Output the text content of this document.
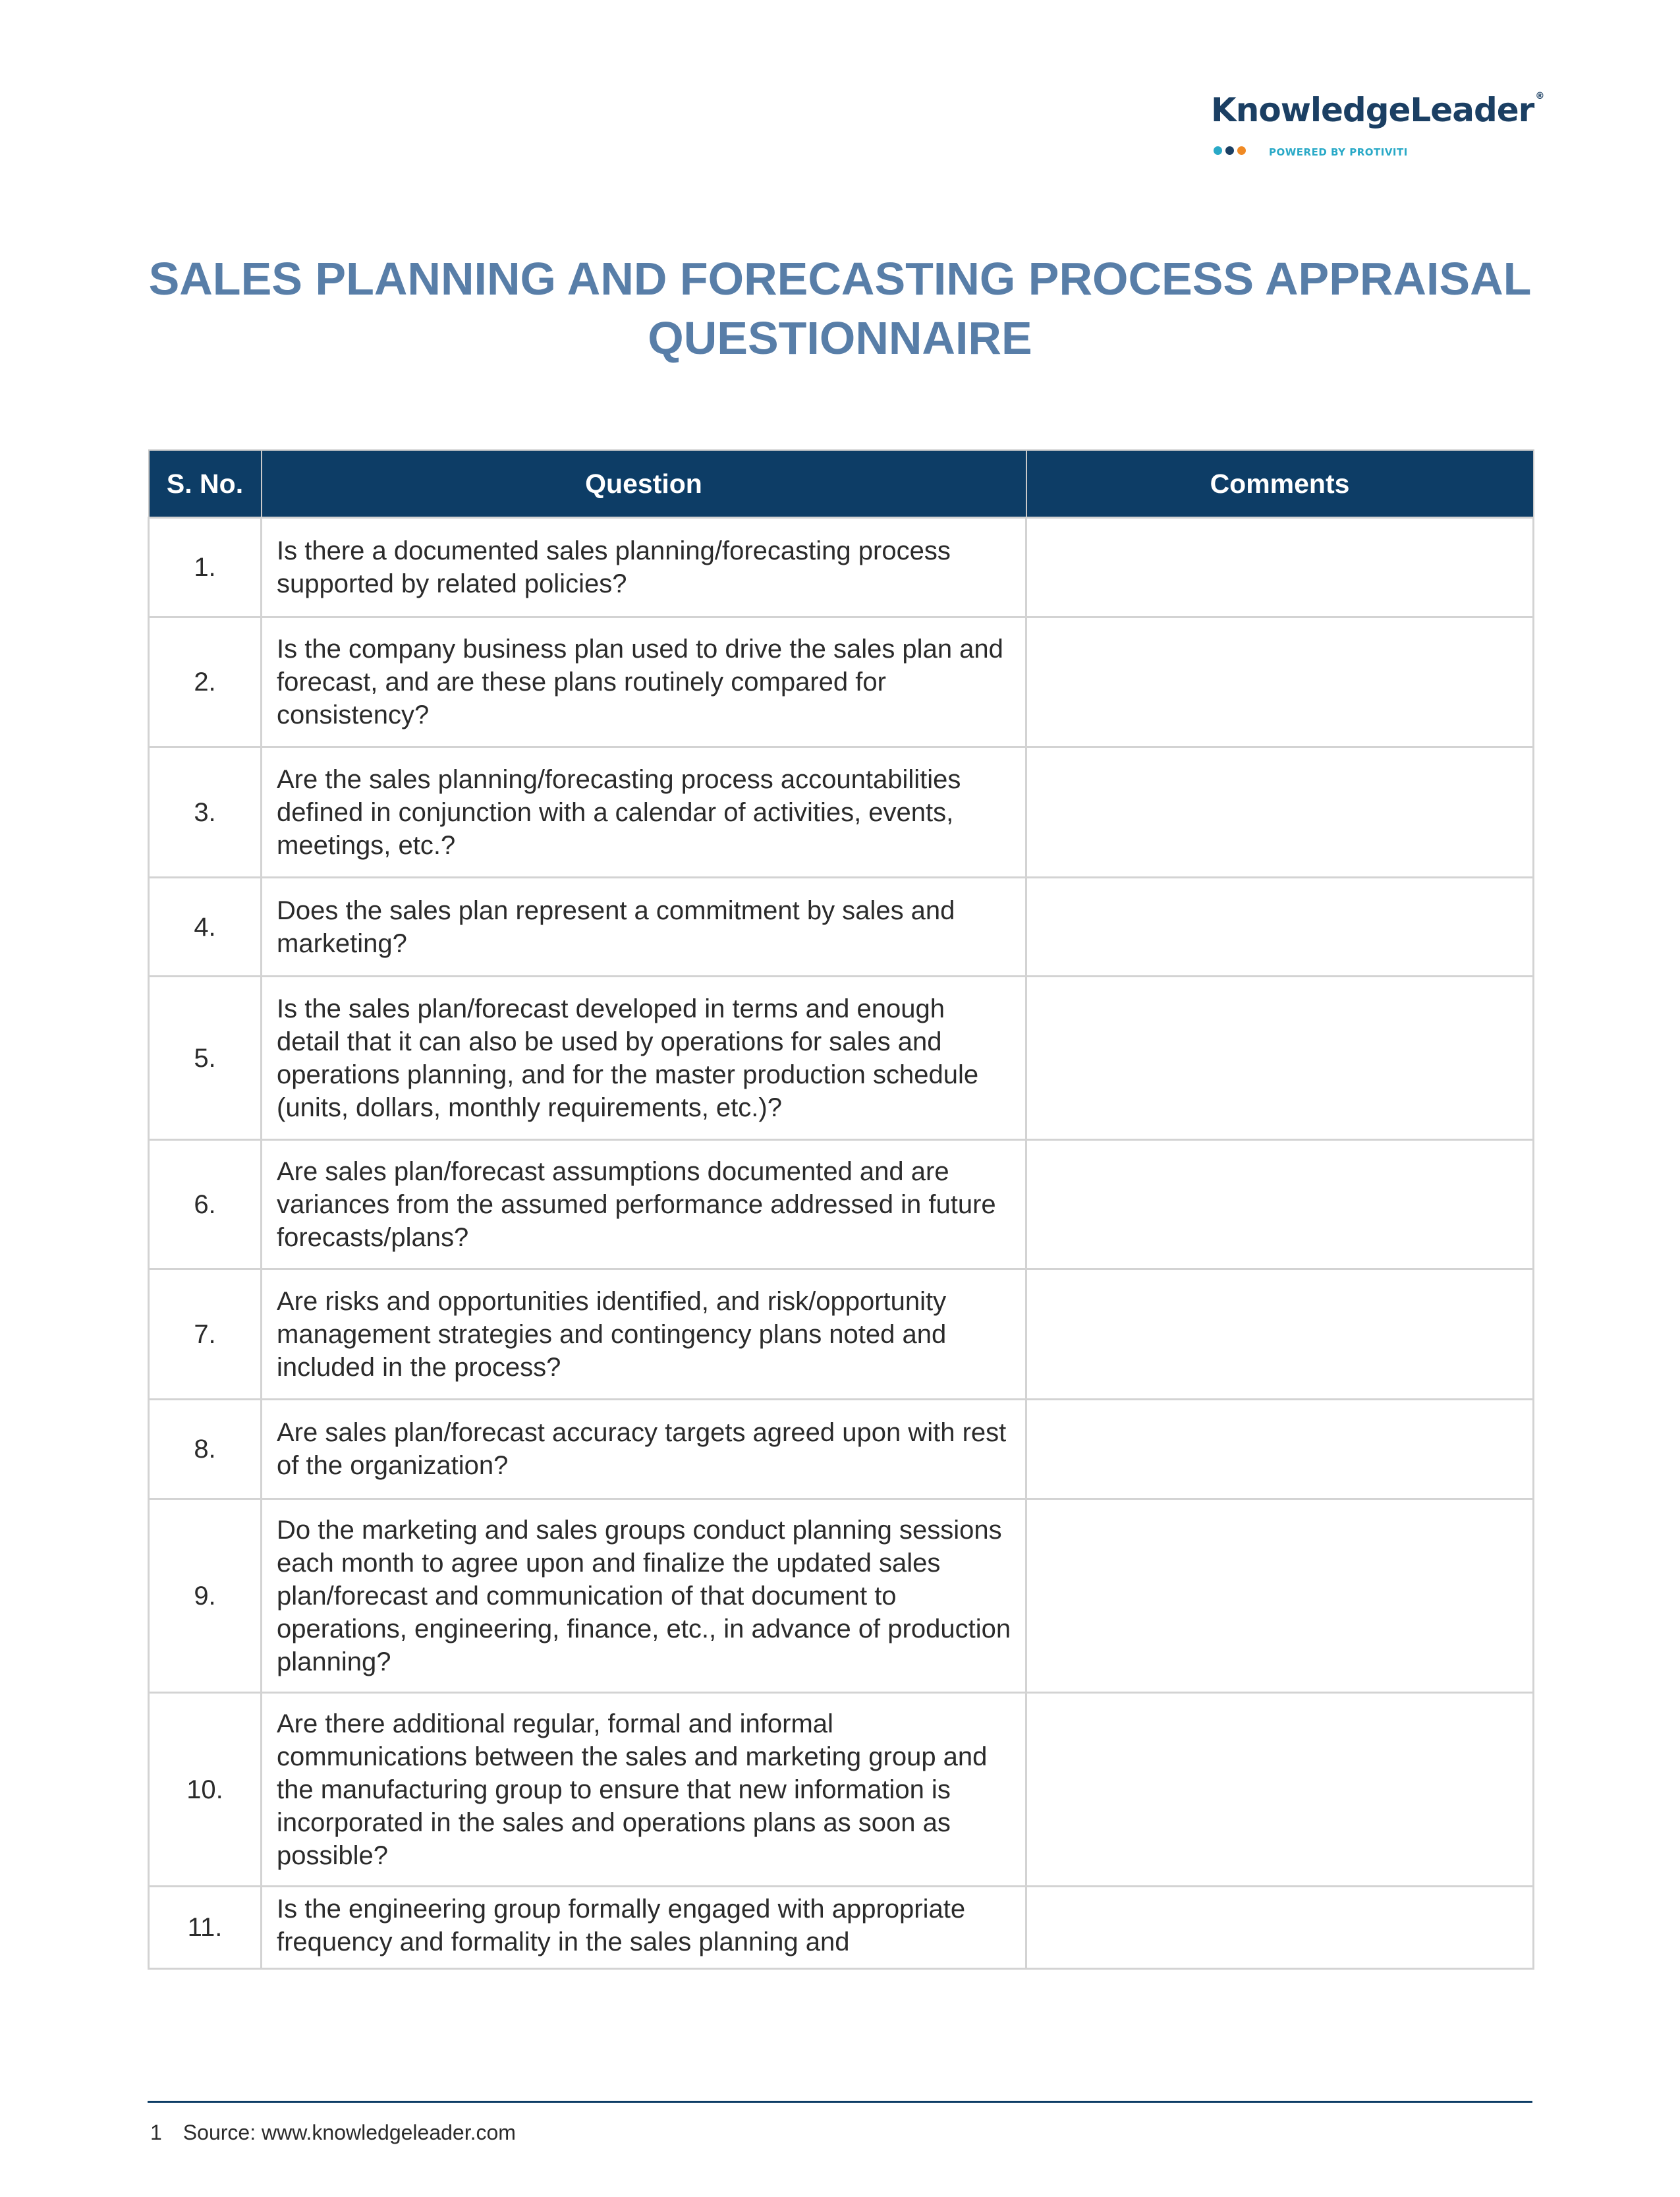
KnowledgeLeader ®
POWERED BY PROTIVITI
SALES PLANNING AND FORECASTING PROCESS APPRAISAL QUESTIONNAIRE
S. No.	Question	Comments
1.	Is there a documented sales planning/forecasting process supported by related policies?	
2.	Is the company business plan used to drive the sales plan and forecast, and are these plans routinely compared for consistency?	
3.	Are the sales planning/forecasting process accountabilities defined in conjunction with a calendar of activities, events, meetings, etc.?	
4.	Does the sales plan represent a commitment by sales and marketing?	
5.	Is the sales plan/forecast developed in terms and enough detail that it can also be used by operations for sales and operations planning, and for the master production schedule (units, dollars, monthly requirements, etc.)?	
6.	Are sales plan/forecast assumptions documented and are variances from the assumed performance addressed in future forecasts/plans?	
7.	Are risks and opportunities identified, and risk/opportunity management strategies and contingency plans noted and included in the process?	
8.	Are sales plan/forecast accuracy targets agreed upon with rest of the organization?	
9.	Do the marketing and sales groups conduct planning sessions each month to agree upon and finalize the updated sales plan/forecast and communication of that document to operations, engineering, finance, etc., in advance of production planning?	
10.	Are there additional regular, formal and informal communications between the sales and marketing group and the manufacturing group to ensure that new information is incorporated in the sales and operations plans as soon as possible?	
11.	Is the engineering group formally engaged with appropriate frequency and formality in the sales planning and	
1 Source: www.knowledgeleader.com
